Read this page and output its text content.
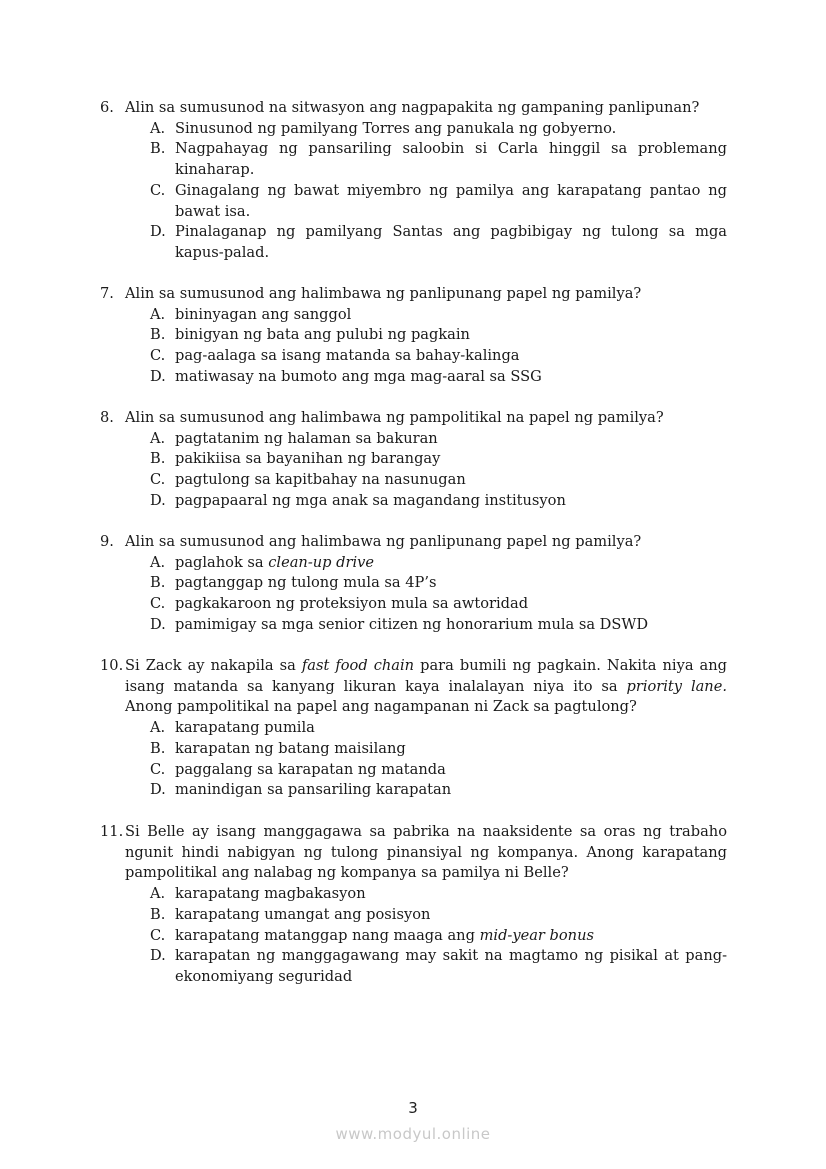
6. Alin sa sumusunod na sitwasyon ang nagpapakita ng gampaning panlipunan?
A. Sinusunod ng pamilyang Torres ang panukala ng gobyerno.
B. Nagpahayag ng pansariling saloobin si Carla hinggil sa problemang kinaharap.
C. Ginagalang ng bawat miyembro ng pamilya ang karapatang pantao ng bawat isa.
D. Pinalaganap ng pamilyang Santas ang pagbibigay ng tulong sa mga kapus-palad.
7. Alin sa sumusunod ang halimbawa ng panlipunang papel ng pamilya?
A. bininyagan ang sanggol
B. binigyan ng bata ang pulubi ng pagkain
C. pag-aalaga sa isang matanda sa bahay-kalinga
D. matiwasay na bumoto ang mga mag-aaral sa SSG
8. Alin sa sumusunod ang halimbawa ng pampolitikal na papel ng pamilya?
A. pagtatanim ng halaman sa bakuran
B. pakikiisa sa bayanihan ng barangay
C. pagtulong sa kapitbahay na nasunugan
D. pagpapaaral ng mga anak sa magandang institusyon
9. Alin sa sumusunod ang halimbawa ng panlipunang papel ng pamilya?
A. paglahok sa clean-up drive
B. pagtanggap ng tulong mula sa 4P’s
C. pagkakaroon ng proteksiyon mula sa awtoridad
D. pamimigay sa mga senior citizen ng honorarium mula sa DSWD
10. Si Zack ay nakapila sa fast food chain para bumili ng pagkain. Nakita niya ang isang matanda sa kanyang likuran kaya inalalayan niya ito sa priority lane. Anong pampolitikal na papel ang nagampanan ni Zack sa pagtulong?
A. karapatang pumila
B. karapatan ng batang maisilang
C. paggalang sa karapatan ng matanda
D. manindigan sa pansariling karapatan
11. Si Belle ay isang manggagawa sa pabrika na naaksidente sa oras ng trabaho ngunit hindi nabigyan ng tulong pinansiyal ng kompanya. Anong karapatang pampolitikal ang nalabag ng kompanya sa pamilya ni Belle?
A. karapatang magbakasyon
B. karapatang umangat ang posisyon
C. karapatang matanggap nang maaga ang mid-year bonus
D. karapatan ng manggagawang may sakit na magtamo ng pisikal at pang-ekonomiyang seguridad
3
www.modyul.online
